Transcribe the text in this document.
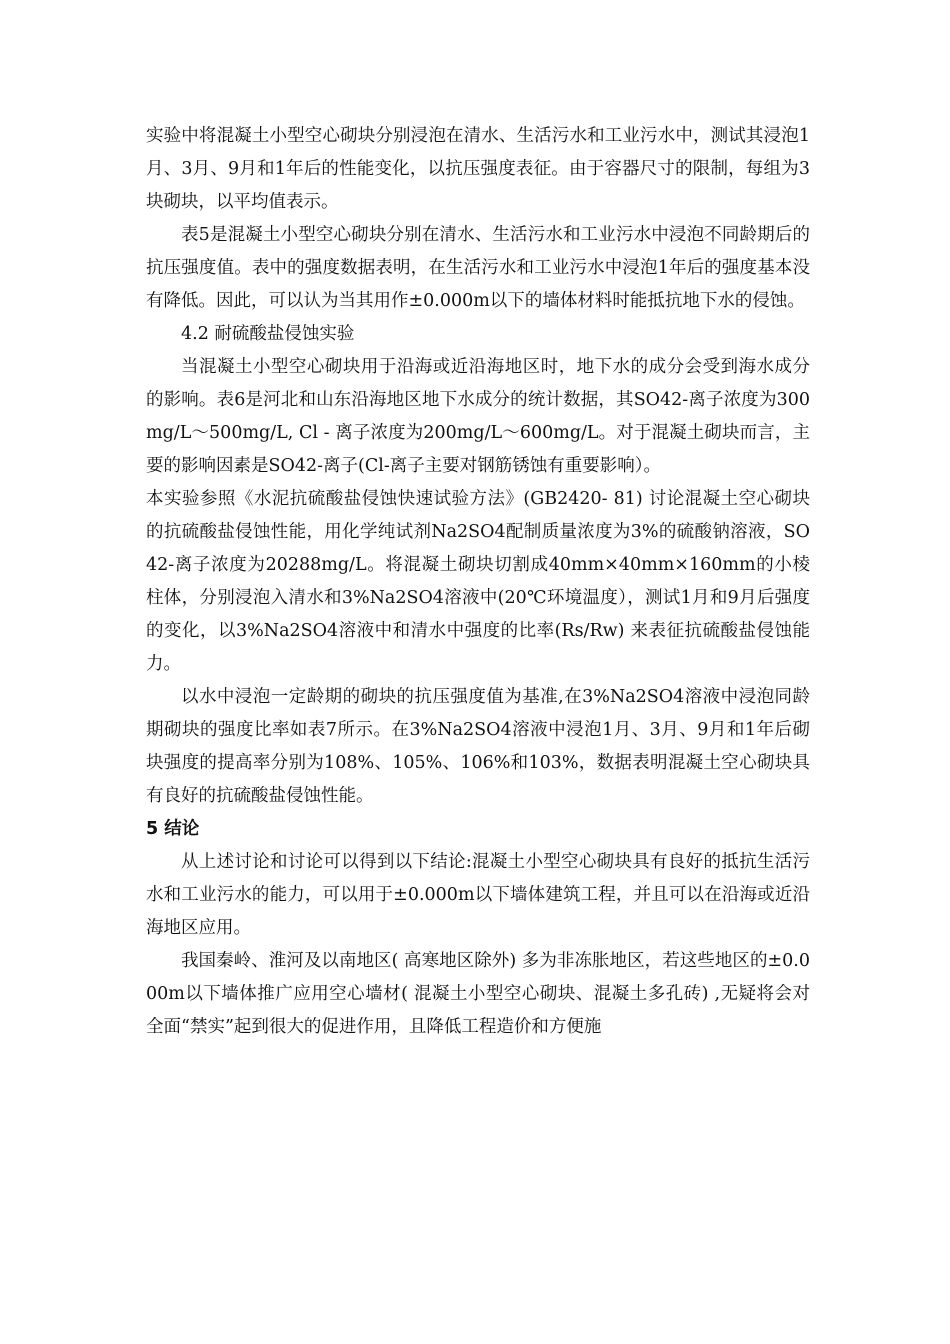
实验中将混凝土小型空心砌块分别浸泡在清水、生活污水和工业污水中，测试其浸泡1月、3月、9月和1年后的性能变化，以抗压强度表征。由于容器尺寸的限制，每组为3块砌块，以平均值表示。

表5是混凝土小型空心砌块分别在清水、生活污水和工业污水中浸泡不同龄期后的抗压强度值。表中的强度数据表明，在生活污水和工业污水中浸泡1年后的强度基本没有降低。因此，可以认为当其用作±0.000m以下的墙体材料时能抵抗地下水的侵蚀。

4.2 耐硫酸盐侵蚀实验

当混凝土小型空心砌块用于沿海或近沿海地区时，地下水的成分会受到海水成分的影响。表6是河北和山东沿海地区地下水成分的统计数据，其SO42-离子浓度为300mg/L～500mg/L, Cl - 离子浓度为200mg/L～600mg/L。对于混凝土砌块而言，主要的影响因素是SO42-离子(Cl-离子主要对钢筋锈蚀有重要影响）。

本实验参照《水泥抗硫酸盐侵蚀快速试验方法》(GB2420- 81) 讨论混凝土空心砌块的抗硫酸盐侵蚀性能，用化学纯试剂Na2SO4配制质量浓度为3%的硫酸钠溶液，SO42-离子浓度为20288mg/L。将混凝土砌块切割成40mm×40mm×160mm的小棱柱体，分别浸泡入清水和3%Na2SO4溶液中(20℃环境温度），测试1月和9月后强度的变化，以3%Na2SO4溶液中和清水中强度的比率(Rs/Rw) 来表征抗硫酸盐侵蚀能力。

以水中浸泡一定龄期的砌块的抗压强度值为基准,在3%Na2SO4溶液中浸泡同龄期砌块的强度比率如表7所示。在3%Na2SO4溶液中浸泡1月、3月、9月和1年后砌块强度的提高率分别为108%、105%、106%和103%，数据表明混凝土空心砌块具有良好的抗硫酸盐侵蚀性能。

5 结论

从上述讨论和讨论可以得到以下结论:混凝土小型空心砌块具有良好的抵抗生活污水和工业污水的能力，可以用于±0.000m以下墙体建筑工程，并且可以在沿海或近沿海地区应用。

我国秦岭、淮河及以南地区( 高寒地区除外) 多为非冻胀地区，若这些地区的±0.000m以下墙体推广应用空心墙材( 混凝土小型空心砌块、混凝土多孔砖) ,无疑将会对全面“禁实”起到很大的促进作用，且降低工程造价和方便施
